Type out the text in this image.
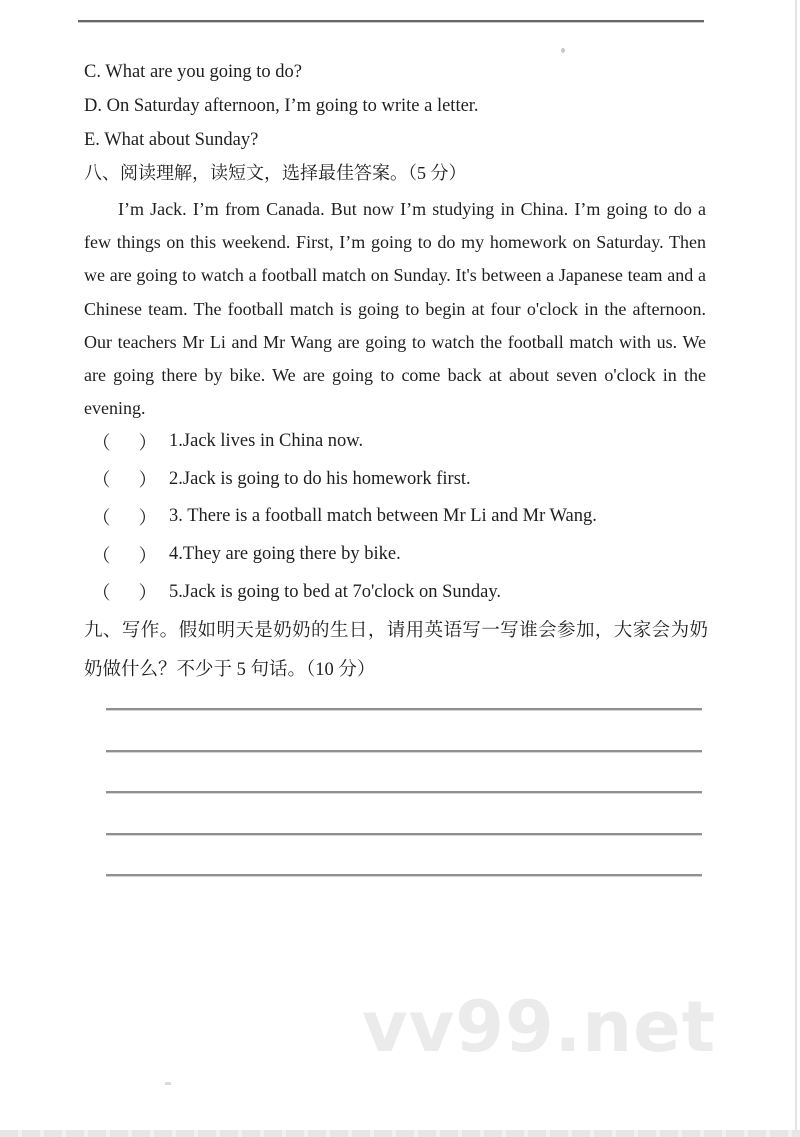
C. What are you going to do?
D. On Saturday afternoon, I’m going to write a letter.
E. What about Sunday?
八、阅读理解，读短文，选择最佳答案。（5 分）
I’m Jack. I’m from Canada. But now I’m studying in China. I’m going to do a few things on this weekend. First, I’m going to do my homework on Saturday. Then we are going to watch a football match on Sunday. It's between a Japanese team and a Chinese team. The football match is going to begin at four o'clock in the afternoon. Our teachers Mr Li and Mr Wang are going to watch the football match with us. We are going there by bike. We are going to come back at about seven o'clock in the evening.
（ ） 1.Jack lives in China now.
（ ） 2.Jack is going to do his homework first.
（ ） 3. There is a football match between Mr Li and Mr Wang.
（ ） 4.They are going there by bike.
（ ） 5.Jack is going to bed at 7o'clock on Sunday.
九、写作。假如明天是奶奶的生日，请用英语写一写谁会参加，大家会为奶奶做什么？不少于 5 句话。（10 分）
vv99.net
